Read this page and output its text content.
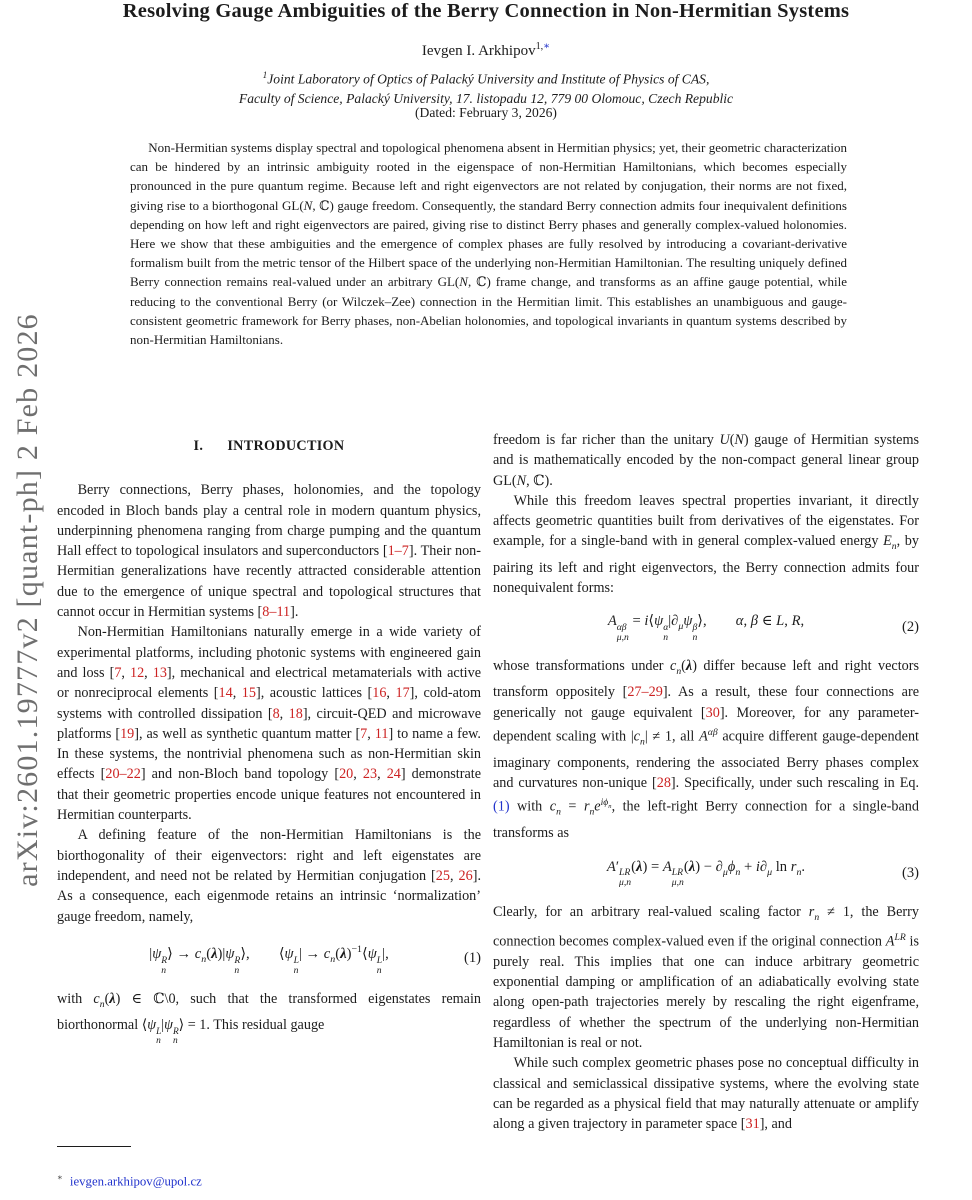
arXiv:2601.19777v2 [quant-ph] 2 Feb 2026
Resolving Gauge Ambiguities of the Berry Connection in Non-Hermitian Systems
Ievgen I. Arkhipov$^{1,∗}$
$^1$Joint Laboratory of Optics of Palacký University and Institute of Physics of CAS,
Faculty of Science, Palacký University, 17. listopadu 12, 779 00 Olomouc, Czech Republic
(Dated: February 3, 2026)
Non-Hermitian systems display spectral and topological phenomena absent in Hermitian physics; yet, their geometric characterization can be hindered by an intrinsic ambiguity rooted in the eigenspace of non-Hermitian Hamiltonians, which becomes especially pronounced in the pure quantum regime. Because left and right eigenvectors are not related by conjugation, their norms are not fixed, giving rise to a biorthogonal GL(N, ℂ) gauge freedom. Consequently, the standard Berry connection admits four inequivalent definitions depending on how left and right eigenvectors are paired, giving rise to distinct Berry phases and generally complex-valued holonomies. Here we show that these ambiguities and the emergence of complex phases are fully resolved by introducing a covariant-derivative formalism built from the metric tensor of the Hilbert space of the underlying non-Hermitian Hamiltonian. The resulting uniquely defined Berry connection remains real-valued under an arbitrary GL(N, ℂ) frame change, and transforms as an affine gauge potential, while reducing to the conventional Berry (or Wilczek–Zee) connection in the Hermitian limit. This establishes an unambiguous and gauge-consistent geometric framework for Berry phases, non-Abelian holonomies, and topological invariants in quantum systems described by non-Hermitian Hamiltonians.
I. INTRODUCTION

Berry connections, Berry phases, holonomies, and the topology encoded in Bloch bands play a central role in modern quantum physics, underpinning phenomena ranging from charge pumping and the quantum Hall effect to topological insulators and superconductors [1–7]. Their non-Hermitian generalizations have recently attracted considerable attention due to the emergence of unique spectral and topological structures that cannot occur in Hermitian systems [8–11].

Non-Hermitian Hamiltonians naturally emerge in a wide variety of experimental platforms, including photonic systems with engineered gain and loss [7, 12, 13], mechanical and electrical metamaterials with active or nonreciprocal elements [14, 15], acoustic lattices [16, 17], cold-atom systems with controlled dissipation [8, 18], circuit-QED and microwave platforms [19], as well as synthetic quantum matter [7, 11] to name a few. In these systems, the nontrivial phenomena such as non-Hermitian skin effects [20–22] and non-Bloch band topology [20, 23, 24] demonstrate that their geometric properties encode unique features not encountered in Hermitian counterparts.

A defining feature of the non-Hermitian Hamiltonians is the biorthogonality of their eigenvectors: right and left eigenstates are independent, and need not be related by Hermitian conjugation [25, 26]. As a consequence, each eigenmode retains an intrinsic ‘normalization’ gauge freedom, namely,

|ψ R
n
⟩ → $c_n(\lambda)|\psi$ R
n
⟩,  ⟨ψ L
n
| → $c_n(\lambda)^{-1}⟨\psi$ L
n
|,	(1)

with $c_n(\lambda)$ ∈ ℂ\0, such that the transformed eigenstates remain biorthonormal ⟨ψ L
n
|ψ R
n
⟩ = 1. This residual gauge

freedom is far richer than the unitary U(N) gauge of Hermitian systems and is mathematically encoded by the non-compact general linear group GL(N, ℂ).

While this freedom leaves spectral properties invariant, it directly affects geometric quantities built from derivatives of the eigenstates. For example, for a single-band with in general complex-valued energy $E_n$, by pairing its left and right eigenvectors, the Berry connection admits four nonequivalent forms:

A αβ
μ,n
= i⟨ψ α
n
$|\partial_\mu\psi$ β
n
⟩,  α, β ∈ L, R,	(2)

whose transformations under $c_n(\lambda)$ differ because left and right vectors transform oppositely [27–29]. As a result, these four connections are generically not gauge equivalent [30]. Moreover, for any parameter-dependent scaling with $|c_n| \ne 1$, all $A^{\alpha\beta}$ acquire different gauge-dependent imaginary components, rendering the associated Berry phases complex and curvatures non-unique [28]. Specifically, under such rescaling in Eq. (1) with $c_n = r_ne^{i\phi_n}$, the left-right Berry connection for a single-band transforms as

A′ LR
μ,n
(λ) = A LR
μ,n
$(\lambda) - \partial_\mu\phi_n + i\partial_\mu$ $\ln r_n$.	(3)

Clearly, for an arbitrary real-valued scaling factor $r_n \ne 1$, the Berry connection becomes complex-valued even if the original connection $A^{LR}$ is purely real. This implies that one can induce arbitrary geometric exponential damping or amplification of an adiabatically evolving state along open-path trajectories merely by rescaling the right eigenframe, regardless of whether the spectrum of the underlying non-Hermitian Hamiltonian is real or not.

While such complex geometric phases pose no conceptual difficulty in classical and semiclassical dissipative systems, where the evolving state can be regarded as a physical field that may naturally attenuate or amplify along a given trajectory in parameter space [31], and

∗ ievgen.arkhipov@upol.cz
